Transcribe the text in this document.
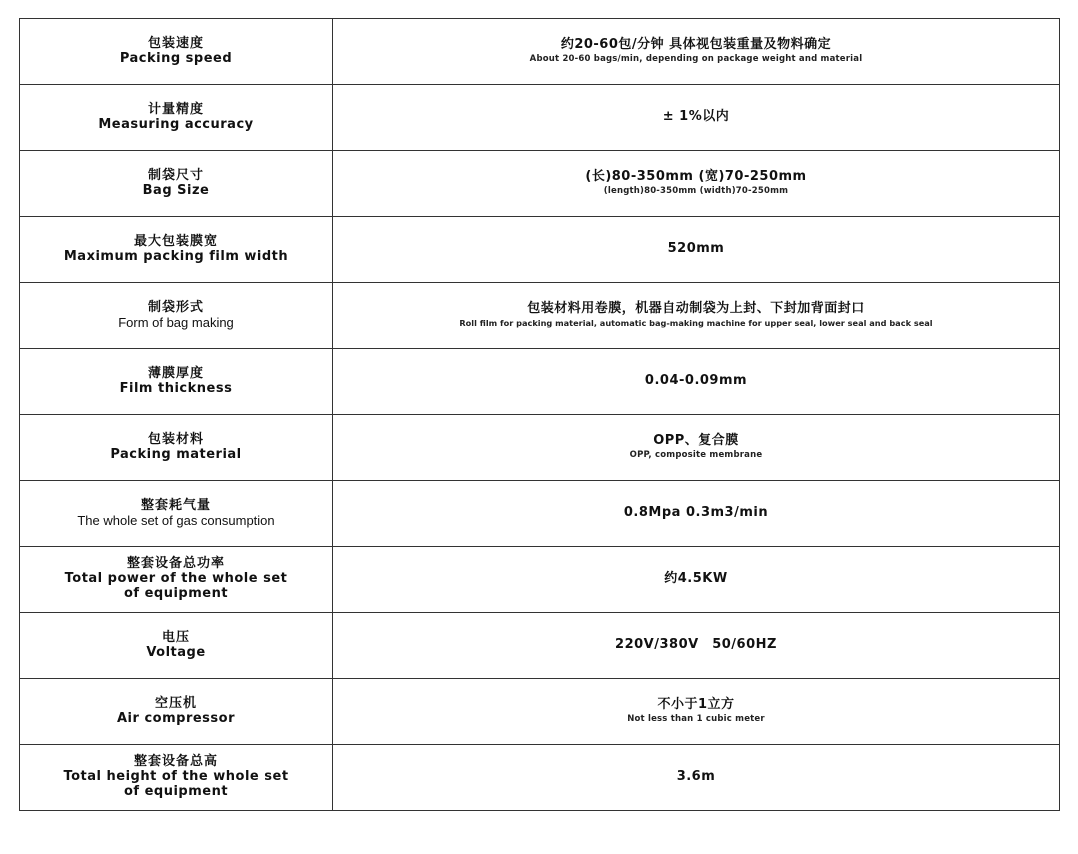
包装速度
Packing speed	约20-60包/分钟 具体视包装重量及物料确定
About 20-60 bags/min, depending on package weight and material

计量精度
Measuring accuracy	± 1%以内

制袋尺寸
Bag Size	(长)80-350mm (宽)70-250mm
(length)80-350mm (width)70-250mm

最大包装膜宽
Maximum packing film width	520mm

制袋形式
Form of bag making	包装材料用卷膜，机器自动制袋为上封、下封加背面封口
Roll film for packing material, automatic bag-making machine for upper seal, lower seal and back seal

薄膜厚度
Film thickness	0.04-0.09mm

包装材料
Packing material	OPP、复合膜
OPP, composite membrane

整套耗气量
The whole set of gas consumption	0.8Mpa 0.3m3/min

整套设备总功率
Total power of the whole set
of equipment	约4.5KW

电压
Voltage	220V/380V　50/60HZ

空压机
Air compressor	不小于1立方
Not less than 1 cubic meter

整套设备总高
Total height of the whole set
of equipment	3.6m
